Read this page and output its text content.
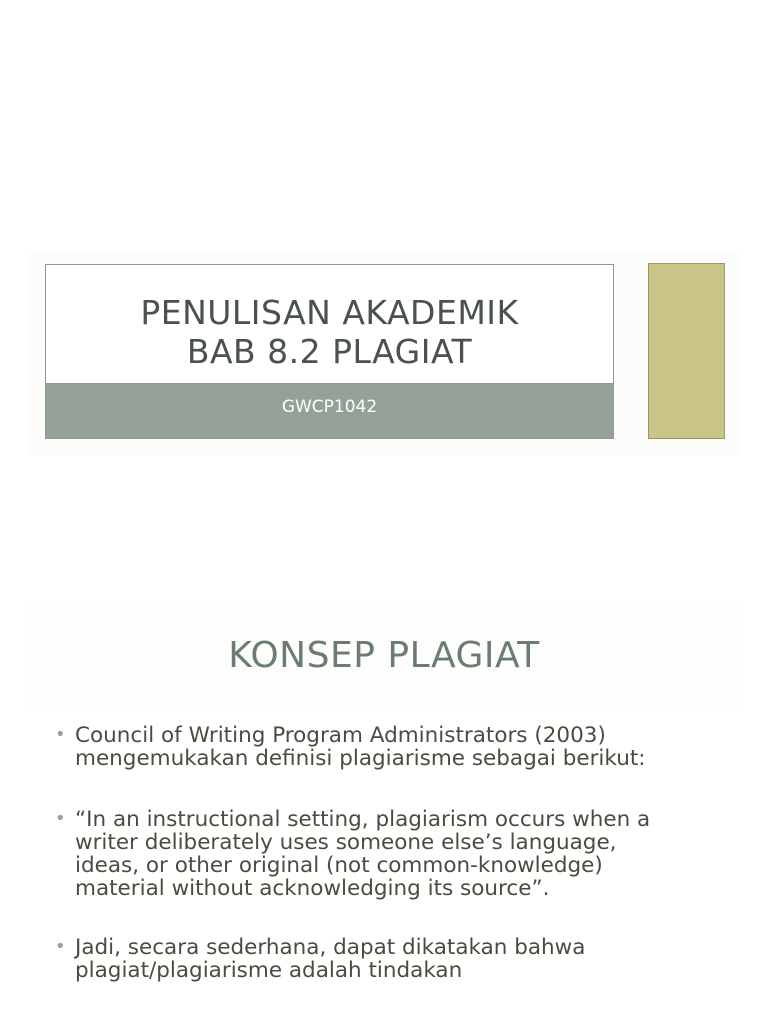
PENULISAN AKADEMIK
BAB 8.2 PLAGIAT
GWCP1042
KONSEP PLAGIAT
• Council of Writing Program Administrators (2003)
mengemukakan definisi plagiarisme sebagai berikut:
• “In an instructional setting, plagiarism occurs when a
writer deliberately uses someone else’s language,
ideas, or other original (not common-knowledge)
material without acknowledging its source”.
• Jadi, secara sederhana, dapat dikatakan bahwa
plagiat/plagiarisme adalah tindakan
